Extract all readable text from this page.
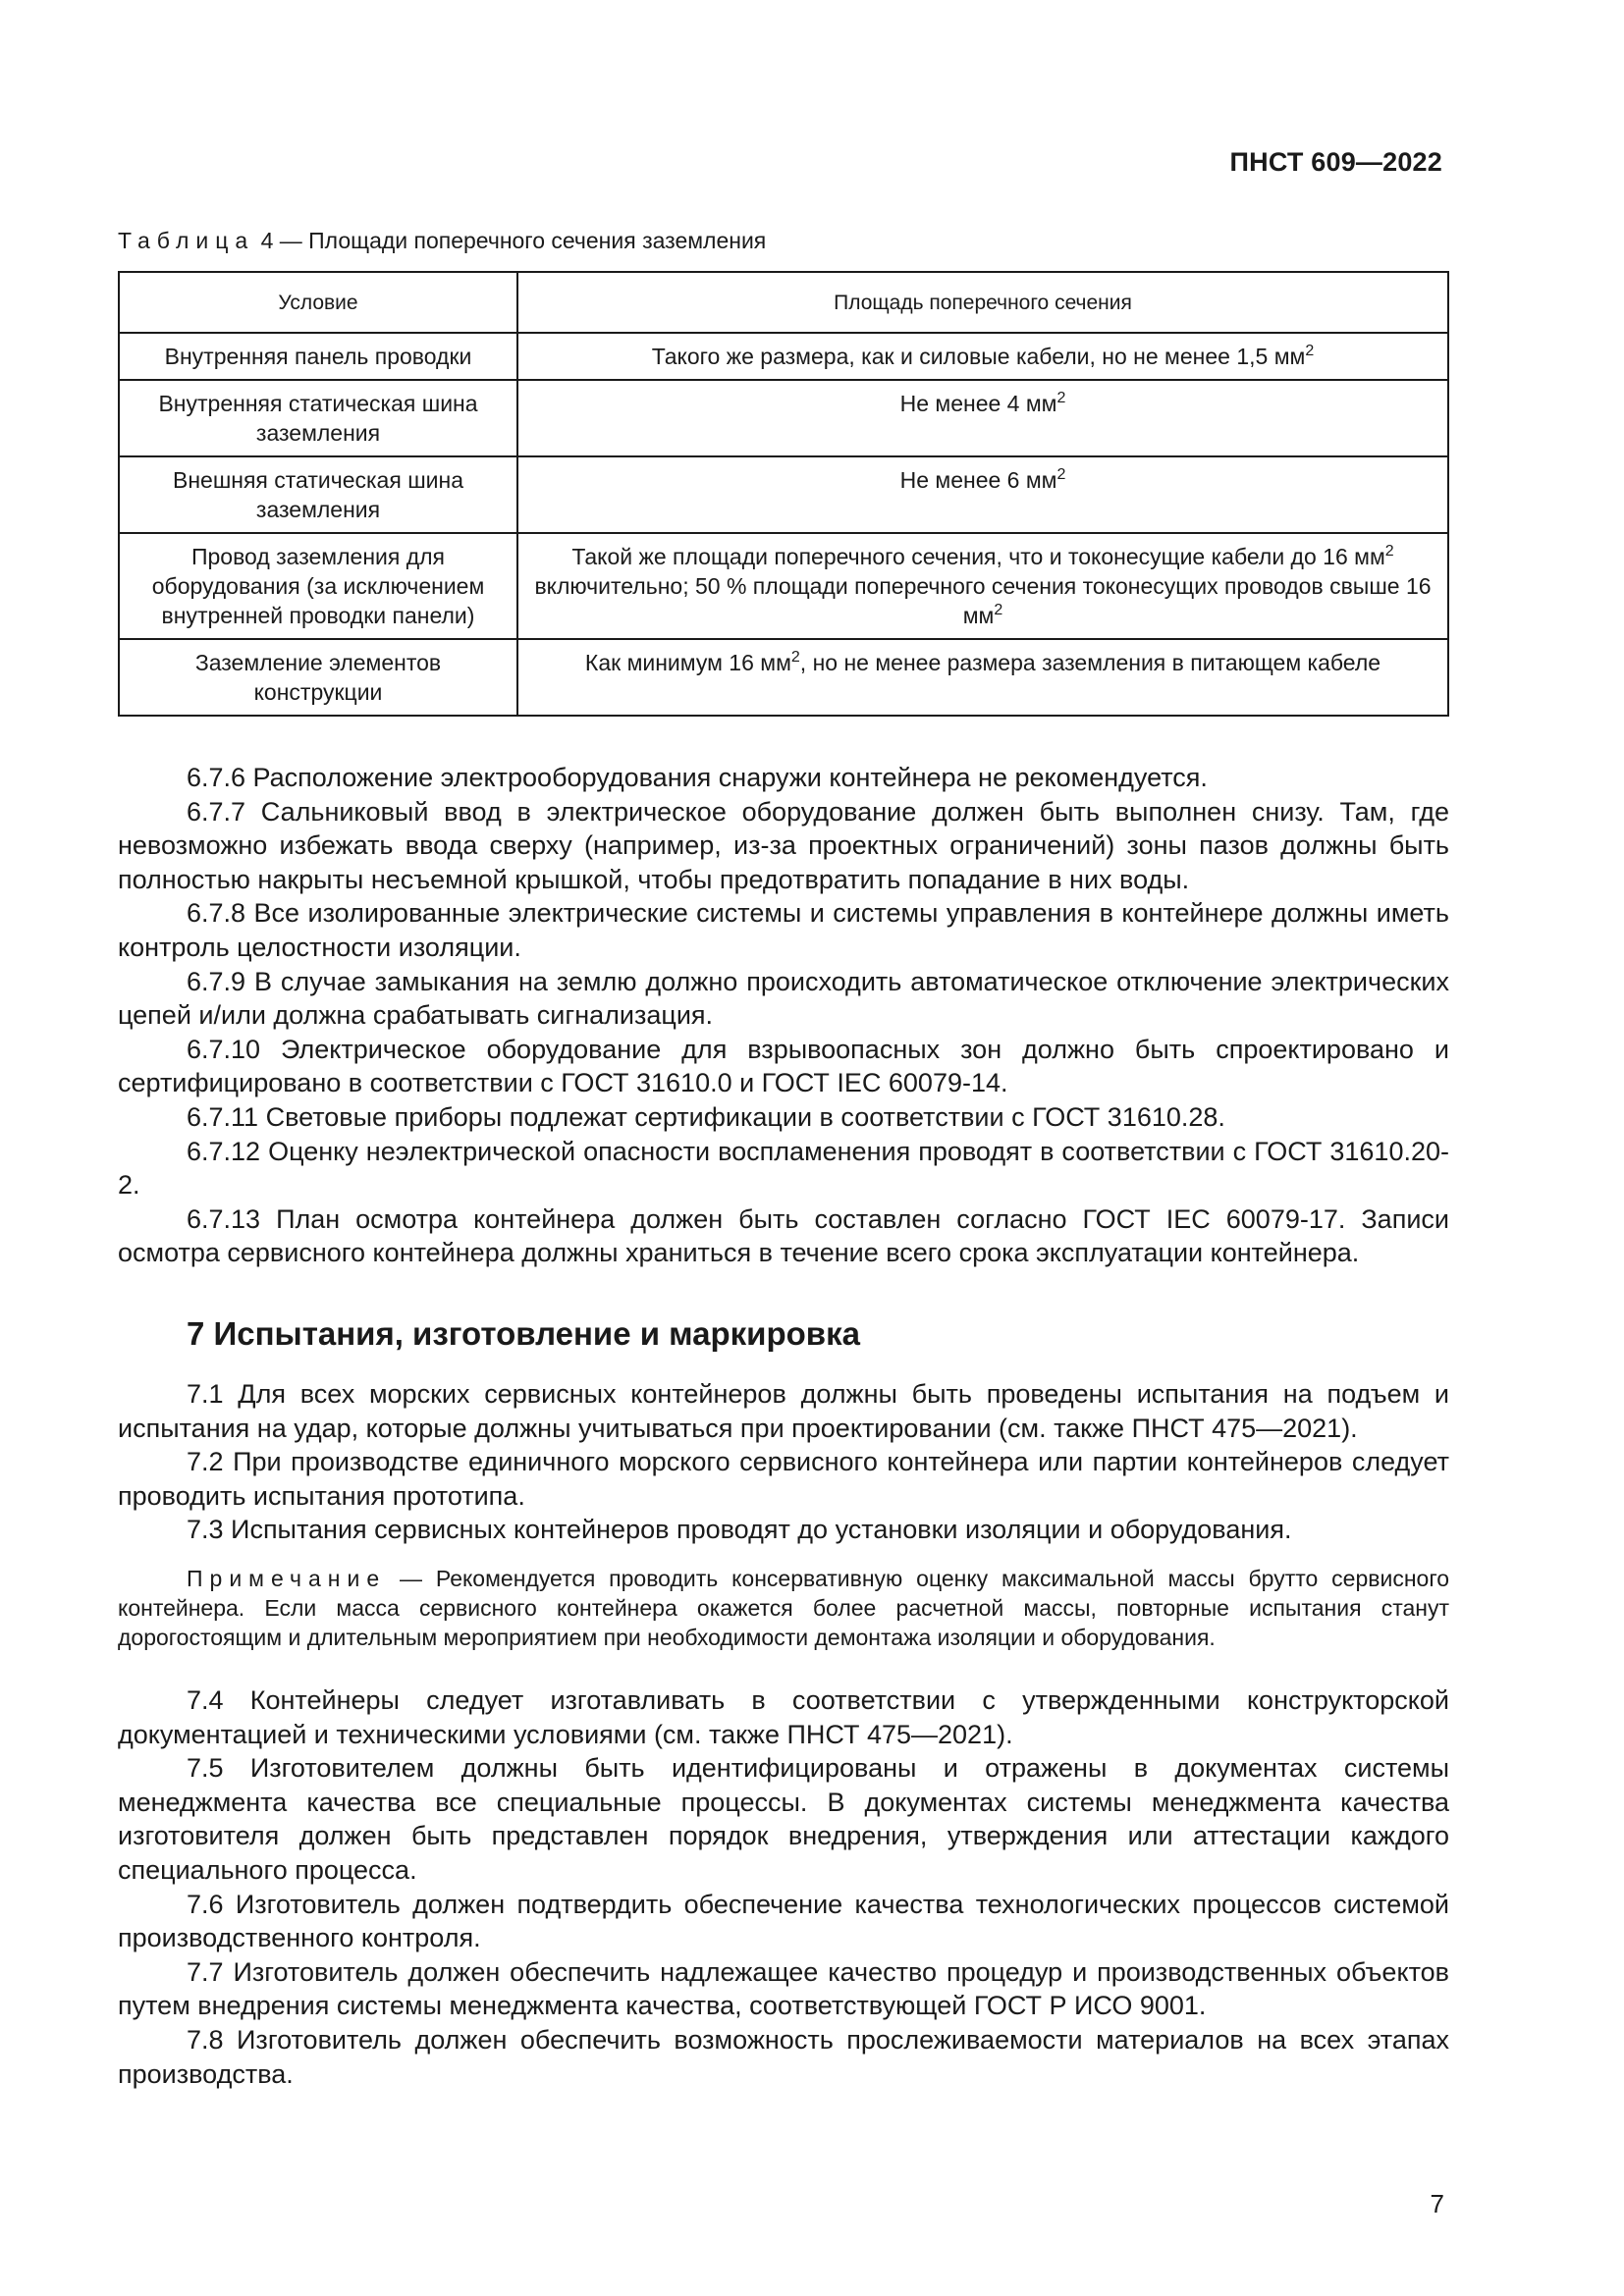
ПНСТ 609—2022
Таблица 4 — Площади поперечного сечения заземления
Условие	Площадь поперечного сечения
Внутренняя панель проводки	Такого же размера, как и силовые кабели, но не менее 1,5 $мм^2$
Внутренняя статическая шина заземления	Не менее 4 $мм^2$
Внешняя статическая шина заземления	Не менее 6 $мм^2$
Провод заземления для оборудования (за исключением внутренней проводки панели)	Такой же площади поперечного сечения, что и токонесущие кабели до 16 $мм^2$ включительно; 50 % площади поперечного сечения токонесущих проводов свыше 16 $мм^2$
Заземление элементов конструкции	Как минимум 16 $мм^2$, но не менее размера заземления в питающем кабеле

6.7.6 Расположение электрооборудования снаружи контейнера не рекомендуется.

6.7.7 Сальниковый ввод в электрическое оборудование должен быть выполнен снизу. Там, где невозможно избежать ввода сверху (например, из-за проектных ограничений) зоны пазов должны быть полностью накрыты несъемной крышкой, чтобы предотвратить попадание в них воды.

6.7.8 Все изолированные электрические системы и системы управления в контейнере должны иметь контроль целостности изоляции.

6.7.9 В случае замыкания на землю должно происходить автоматическое отключение электрических цепей и/или должна срабатывать сигнализация.

6.7.10 Электрическое оборудование для взрывоопасных зон должно быть спроектировано и сертифицировано в соответствии с ГОСТ 31610.0 и ГОСТ IEC 60079-14.

6.7.11 Световые приборы подлежат сертификации в соответствии с ГОСТ 31610.28.

6.7.12 Оценку неэлектрической опасности воспламенения проводят в соответствии с ГОСТ 31610.20-2.

6.7.13 План осмотра контейнера должен быть составлен согласно ГОСТ IEC 60079-17. Записи осмотра сервисного контейнера должны храниться в течение всего срока эксплуатации контейнера.

7 Испытания, изготовление и маркировка

7.1 Для всех морских сервисных контейнеров должны быть проведены испытания на подъем и испытания на удар, которые должны учитываться при проектировании (см. также ПНСТ 475—2021).

7.2 При производстве единичного морского сервисного контейнера или партии контейнеров следует проводить испытания прототипа.

7.3 Испытания сервисных контейнеров проводят до установки изоляции и оборудования.

Примечание — Рекомендуется проводить консервативную оценку максимальной массы брутто сервисного контейнера. Если масса сервисного контейнера окажется более расчетной массы, повторные испытания станут дорогостоящим и длительным мероприятием при необходимости демонтажа изоляции и оборудования.

7.4 Контейнеры следует изготавливать в соответствии с утвержденными конструкторской документацией и техническими условиями (см. также ПНСТ 475—2021).

7.5 Изготовителем должны быть идентифицированы и отражены в документах системы менеджмента качества все специальные процессы. В документах системы менеджмента качества изготовителя должен быть представлен порядок внедрения, утверждения или аттестации каждого специального процесса.

7.6 Изготовитель должен подтвердить обеспечение качества технологических процессов системой производственного контроля.

7.7 Изготовитель должен обеспечить надлежащее качество процедур и производственных объектов путем внедрения системы менеджмента качества, соответствующей ГОСТ Р ИСО 9001.

7.8 Изготовитель должен обеспечить возможность прослеживаемости материалов на всех этапах производства.

7
